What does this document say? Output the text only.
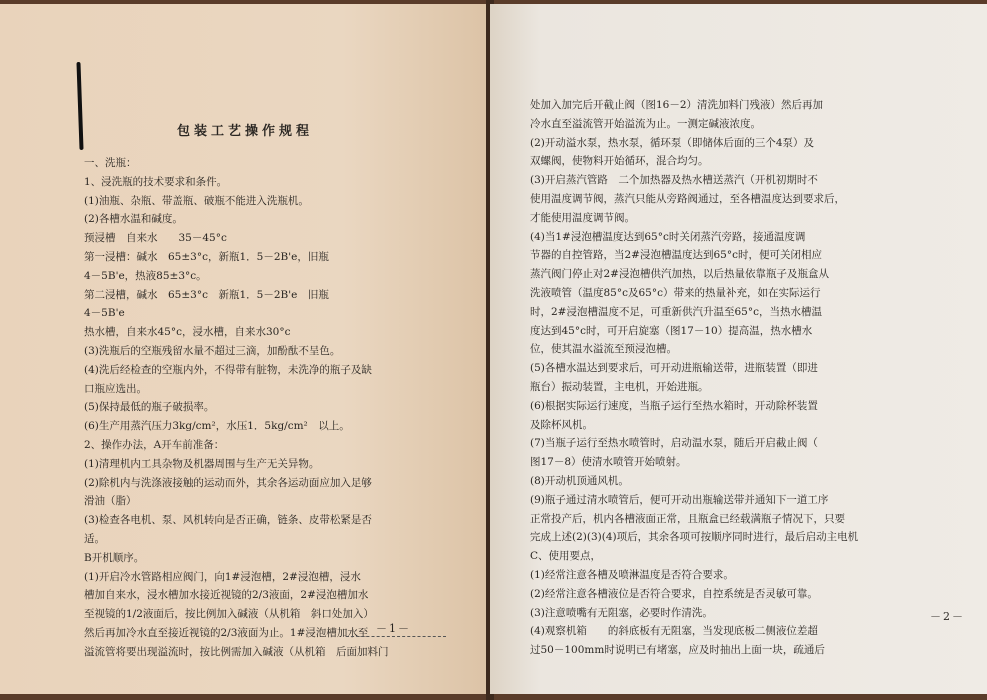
包装工艺操作规程
一、洗瓶：
1、浸洗瓶的技术要求和条件。
(1)油瓶、杂瓶、带盖瓶、破瓶不能进入洗瓶机。
(2)各槽水温和碱度。
预浸槽　自来水　　35－45°c
第一浸槽：碱水　65±3°c，新瓶1．5－2B'e，旧瓶
4－5B'e，热液85±3°c。
第二浸槽，碱水　65±3°c　新瓶1．5－2B'e　旧瓶
4－5B'e
热水槽，自来水45°c，浸水槽，自来水30°c
(3)洗瓶后的空瓶残留水量不超过三滴，加酚酞不呈色。
(4)洗后经检查的空瓶内外，不得带有脏物，未洗净的瓶子及缺
口瓶应选出。
(5)保持最低的瓶子破损率。
(6)生产用蒸汽压力3kg/cm²，水压1．5kg/cm²　以上。
2、操作办法，A开车前准备：
(1)清理机内工具杂物及机器周围与生产无关异物。
(2)除机内与洗涤液接触的运动而外，其余各运动面应加入足够
滑油（脂）
(3)检查各电机、泵、风机转向是否正确，链条、皮带松紧是否
适。
B开机顺序。
(1)开启冷水管路相应阀门，向1#浸泡槽，2#浸泡槽，浸水
槽加自来水，浸水槽加水接近视镜的2/3液面，2#浸泡槽加水
至视镜的1/2液面后，按比例加入碱液（从机箱　斜口处加入）
然后再加冷水直至接近视镜的2/3液面为止。1#浸泡槽加水至
溢流管将要出现溢流时，按比例需加入碱液（从机箱　后面加料门
－1－
处加入加完后开截止阀（图16－2）清洗加料门残液）然后再加
冷水直至溢流管开始溢流为止。一测定碱液浓度。
(2)开动溢水泵，热水泵，循环泵（即储体后面的三个4泵）及
双螺阀，使物料开始循环，混合均匀。
(3)开启蒸汽管路　二个加热器及热水槽送蒸汽（开机初期时不
使用温度调节阀，蒸汽只能从旁路阀通过，至各槽温度达到要求后，
才能使用温度调节阀。
(4)当1#浸泡槽温度达到65°c时关闭蒸汽旁路，接通温度调
节器的自控管路，当2#浸泡槽温度达到65°c时，便可关闭相应
蒸汽阀门停止对2#浸泡槽供汽加热，以后热量依靠瓶子及瓶盒从
洗液喷管（温度85°c及65°c）带来的热量补充，如在实际运行
时，2#浸泡槽温度不足，可重新供汽升温至65°c，当热水槽温
度达到45°c时，可开启旋塞（图17－10）提高温，热水槽水
位，使其温水溢流至预浸泡槽。
(5)各槽水温达到要求后，可开动进瓶输送带，进瓶装置（即进
瓶台）振动装置，主电机，开始进瓶。
(6)根据实际运行速度，当瓶子运行至热水箱时，开动除杯装置
及除杯风机。
(7)当瓶子运行至热水喷管时，启动温水泵，随后开启截止阀（
图17－8）使清水喷管开始喷射。
(8)开动机顶通风机。
(9)瓶子通过清水喷管后，便可开动出瓶输送带并通知下一道工序
正常投产后，机内各槽液面正常，且瓶盒已经载满瓶子情况下，只要
完成上述(2)(3)(4)项后，其余各项可按顺序同时进行，最后启动主电机
C、使用要点，
(1)经常注意各槽及喷淋温度是否符合要求。
(2)经常注意各槽液位是否符合要求，自控系统是否灵敏可靠。
(3)注意喷嘴有无阻塞，必要时作清洗。
(4)观察机箱　　的斜底板有无阻塞，当发现底板二侧液位差超
过50－100mm时说明已有堵塞，应及时抽出上面一块，疏通后
－2－
